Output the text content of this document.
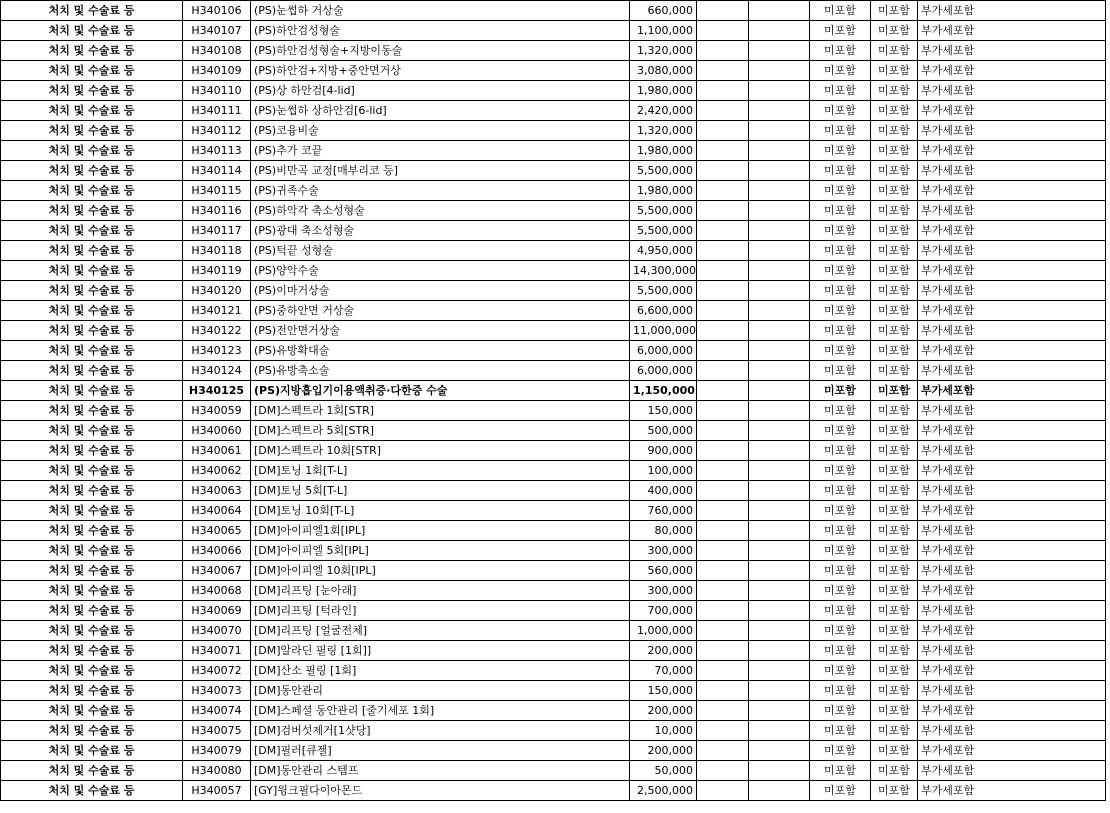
처치 및 수술료 등	H340106	(PS)눈썹하 거상술	660,000			미포함	미포함	부가세포함
처치 및 수술료 등	H340107	(PS)하안검성형술	1,100,000			미포함	미포함	부가세포함
처치 및 수술료 등	H340108	(PS)하안검성형술+지방이동술	1,320,000			미포함	미포함	부가세포함
처치 및 수술료 등	H340109	(PS)하안검+지방+중안면거상	3,080,000			미포함	미포함	부가세포함
처치 및 수술료 등	H340110	(PS)상 하안검[4-lid]	1,980,000			미포함	미포함	부가세포함
처치 및 수술료 등	H340111	(PS)눈썹하 상하안검[6-lid]	2,420,000			미포함	미포함	부가세포함
처치 및 수술료 등	H340112	(PS)코융비술	1,320,000			미포함	미포함	부가세포함
처치 및 수술료 등	H340113	(PS)추가 코끝	1,980,000			미포함	미포함	부가세포함
처치 및 수술료 등	H340114	(PS)비만곡 교정[매부리코 등]	5,500,000			미포함	미포함	부가세포함
처치 및 수술료 등	H340115	(PS)귀족수술	1,980,000			미포함	미포함	부가세포함
처치 및 수술료 등	H340116	(PS)하악각 축소성형술	5,500,000			미포함	미포함	부가세포함
처치 및 수술료 등	H340117	(PS)광대 축소성형술	5,500,000			미포함	미포함	부가세포함
처치 및 수술료 등	H340118	(PS)턱끝 성형술	4,950,000			미포함	미포함	부가세포함
처치 및 수술료 등	H340119	(PS)양악수술	14,300,000			미포함	미포함	부가세포함
처치 및 수술료 등	H340120	(PS)이마거상술	5,500,000			미포함	미포함	부가세포함
처치 및 수술료 등	H340121	(PS)중하안면 거상술	6,600,000			미포함	미포함	부가세포함
처치 및 수술료 등	H340122	(PS)전안면거상술	11,000,000			미포함	미포함	부가세포함
처치 및 수술료 등	H340123	(PS)유방확대술	6,000,000			미포함	미포함	부가세포함
처치 및 수술료 등	H340124	(PS)유방축소술	6,000,000			미포함	미포함	부가세포함
처치 및 수술료 등	H340125	(PS)지방흡입기이용액취증·다한증 수술	1,150,000			미포함	미포함	부가세포함
처치 및 수술료 등	H340059	[DM]스펙트라 1회[STR]	150,000			미포함	미포함	부가세포함
처치 및 수술료 등	H340060	[DM]스펙트라 5회[STR]	500,000			미포함	미포함	부가세포함
처치 및 수술료 등	H340061	[DM]스펙트라 10회[STR]	900,000			미포함	미포함	부가세포함
처치 및 수술료 등	H340062	[DM]토닝 1회[T-L]	100,000			미포함	미포함	부가세포함
처치 및 수술료 등	H340063	[DM]토닝 5회[T-L]	400,000			미포함	미포함	부가세포함
처치 및 수술료 등	H340064	[DM]토닝 10회[T-L]	760,000			미포함	미포함	부가세포함
처치 및 수술료 등	H340065	[DM]아이피엘1회[IPL]	80,000			미포함	미포함	부가세포함
처치 및 수술료 등	H340066	[DM]아이피엘 5회[IPL]	300,000			미포함	미포함	부가세포함
처치 및 수술료 등	H340067	[DM]아이피엘 10회[IPL]	560,000			미포함	미포함	부가세포함
처치 및 수술료 등	H340068	[DM]리프팅 [눈아래]	300,000			미포함	미포함	부가세포함
처치 및 수술료 등	H340069	[DM]리프팅 [턱라인]	700,000			미포함	미포함	부가세포함
처치 및 수술료 등	H340070	[DM]리프팅 [얼굴전체]	1,000,000			미포함	미포함	부가세포함
처치 및 수술료 등	H340071	[DM]알라딘 필링 [1회]]	200,000			미포함	미포함	부가세포함
처치 및 수술료 등	H340072	[DM]산소 필링 [1회]	70,000			미포함	미포함	부가세포함
처치 및 수술료 등	H340073	[DM]동안관리	150,000			미포함	미포함	부가세포함
처치 및 수술료 등	H340074	[DM]스페셜 동안관리 [줄기세포 1회]	200,000			미포함	미포함	부가세포함
처치 및 수술료 등	H340075	[DM]검버섯제거[1샷당]	10,000			미포함	미포함	부가세포함
처치 및 수술료 등	H340079	[DM]필러[큐젤]	200,000			미포함	미포함	부가세포함
처치 및 수술료 등	H340080	[DM]동안관리 스템프	50,000			미포함	미포함	부가세포함
처치 및 수술료 등	H340057	[GY]윙크필다이아몬드	2,500,000			미포함	미포함	부가세포함
